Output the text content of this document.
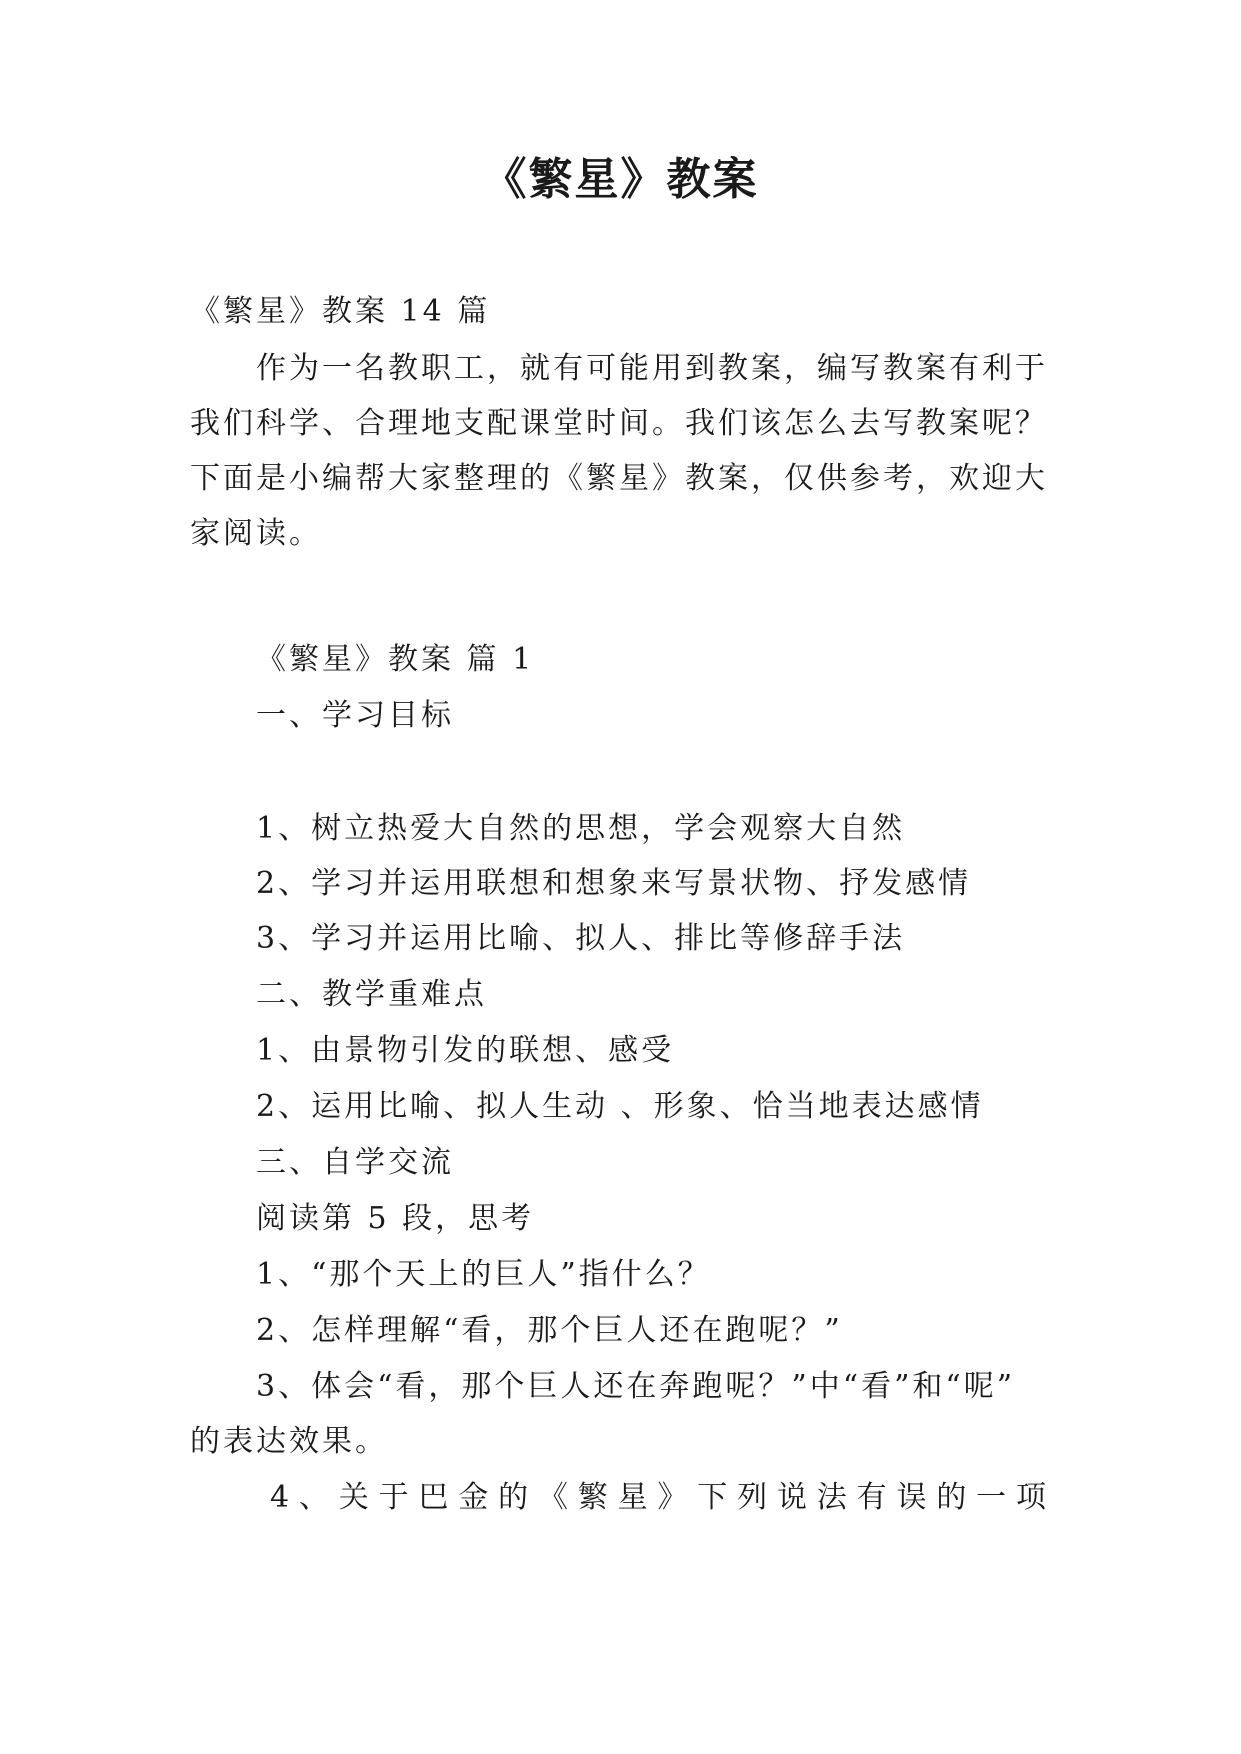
《繁星》教案
《繁星》教案 14 篇
作为一名教职工，就有可能用到教案，编写教案有利于
我们科学、合理地支配课堂时间。我们该怎么去写教案呢？
下面是小编帮大家整理的《繁星》教案，仅供参考，欢迎大
家阅读。
《繁星》教案 篇 1
一、学习目标
1、树立热爱大自然的思想，学会观察大自然
2、学习并运用联想和想象来写景状物、抒发感情
3、学习并运用比喻、拟人、排比等修辞手法
二、教学重难点
1、由景物引发的联想、感受
2、运用比喻、拟人生动 、形象、恰当地表达感情
三、自学交流
阅读第 5 段，思考
1、“那个天上的巨人”指什么？
2、怎样理解“看，那个巨人还在跑呢？”
3、体会“看，那个巨人还在奔跑呢？”中“看”和“呢”
的表达效果。
4、关于巴金的《繁星》下列说法有误的一项
